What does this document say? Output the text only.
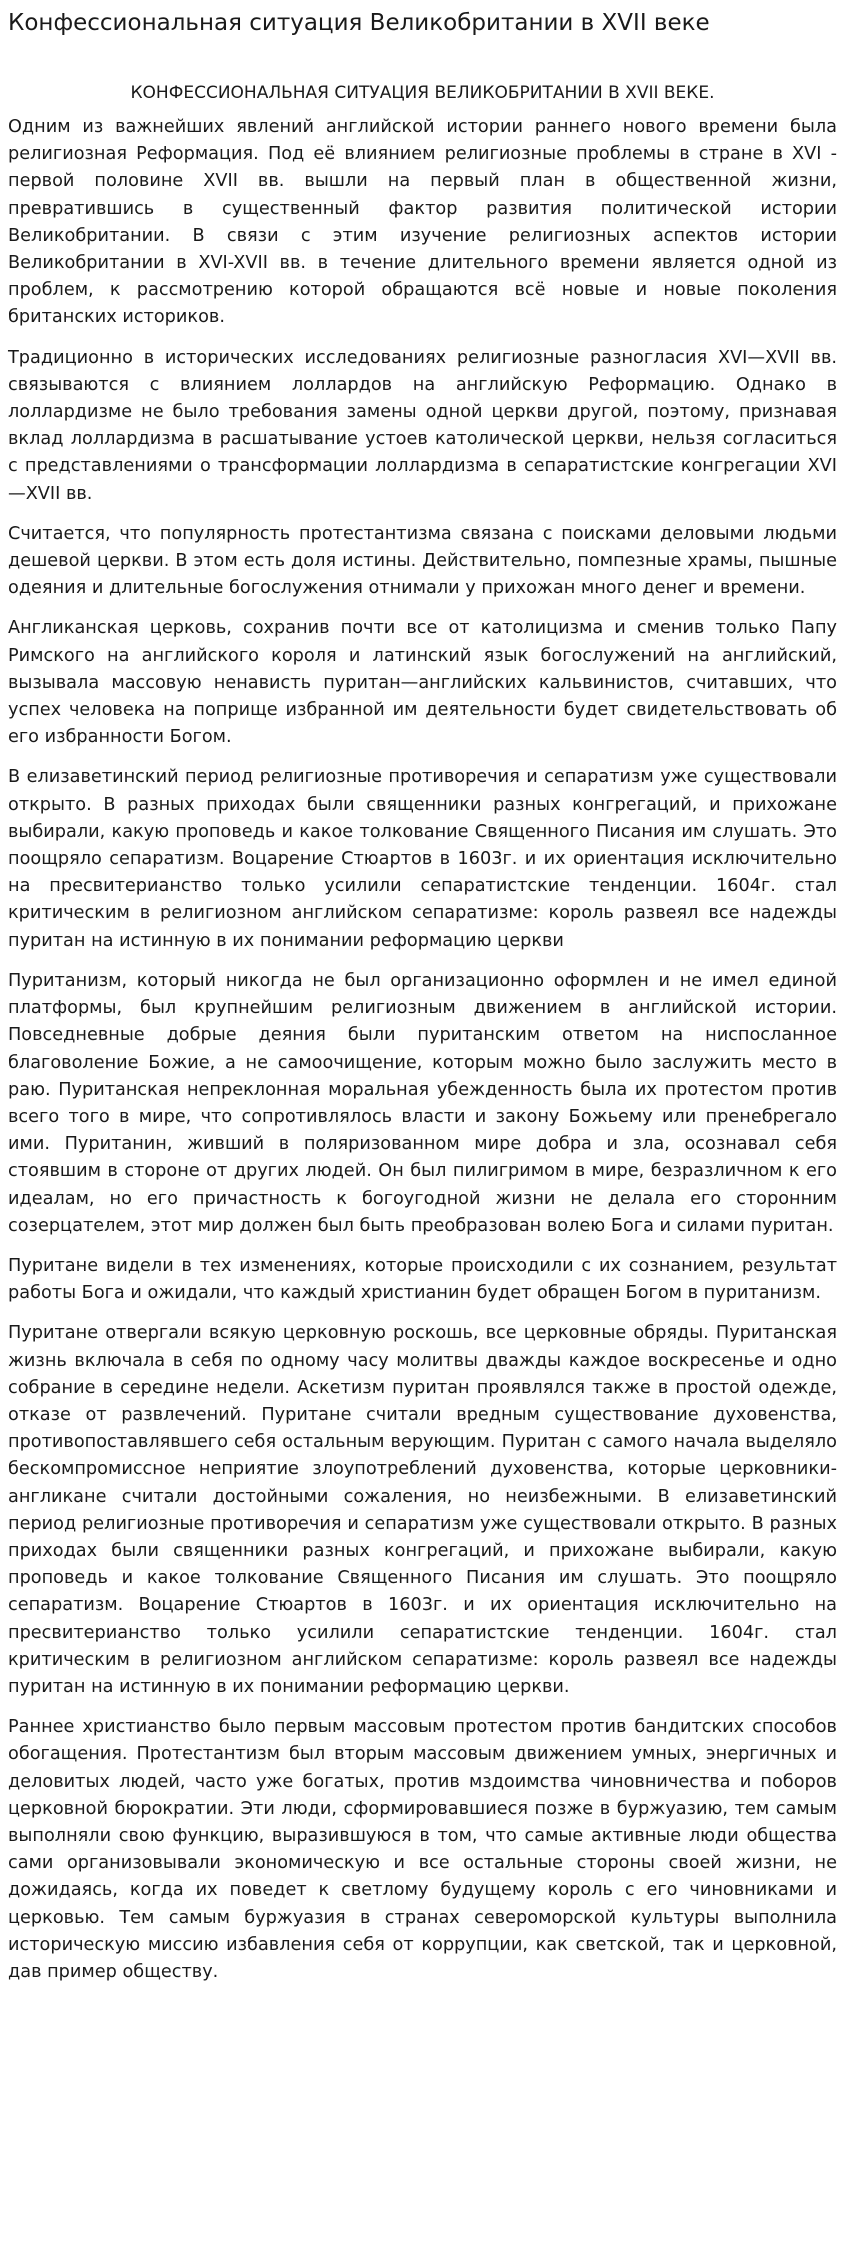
Конфессиональная ситуация Великобритании в XVII веке

КОНФЕССИОНАЛЬНАЯ СИТУАЦИЯ ВЕЛИКОБРИТАНИИ В XVII ВЕКЕ.

Одним из важнейших явлений английской истории раннего нового времени была религиозная Реформация. Под её влиянием религиозные проблемы в стране в XVI - первой половине XVII вв. вышли на первый план в общественной жизни, превратившись в существенный фактор развития политической истории Великобритании. В связи с этим изучение религиозных аспектов истории Великобритании в XVI-XVII вв. в течение длительного времени является одной из проблем, к рассмотрению которой обращаются всё новые и новые поколения британских историков.

Традиционно в исторических исследованиях религиозные разногласия XVI—XVII вв. связываются с влиянием лоллардов на английскую Реформацию. Однако в лоллардизме не было требования замены одной церкви другой, поэтому, признавая вклад лоллардизма в расшатывание устоев католической церкви, нельзя согласиться с представлениями о трансформации лоллардизма в сепаратистские конгрегации XVI—XVII вв.

Считается, что популярность протестантизма связана с поисками деловыми людьми дешевой церкви. В этом есть доля истины. Действительно, помпезные храмы, пышные одеяния и длительные богослужения отнимали у прихожан много денег и времени.

Англиканская церковь, сохранив почти все от католицизма и сменив только Папу Римского на английского короля и латинский язык богослужений на английский, вызывала массовую ненависть пуритан—английских кальвинистов, считавших, что успех человека на поприще избранной им деятельности будет свидетельствовать об его избранности Богом.

В елизаветинский период религиозные противоречия и сепаратизм уже существовали открыто. В разных приходах были священники разных конгрегаций, и прихожане выбирали, какую проповедь и какое толкование Священного Писания им слушать. Это поощряло сепаратизм. Воцарение Стюартов в 1603г. и их ориентация исключительно на пресвитерианство только усилили сепаратистские тенденции. 1604г. стал критическим в религиозном английском сепаратизме: король развеял все надежды пуритан на истинную в их понимании реформацию церкви

Пуританизм, который никогда не был организационно оформлен и не имел единой платформы, был крупнейшим религиозным движением в английской истории. Повседневные добрые деяния были пуританским ответом на ниспосланное благоволение Божие, а не самоочищение, которым можно было заслужить место в раю. Пуританская непреклонная моральная убежденность была их протестом против всего того в мире, что сопротивлялось власти и закону Божьему или пренебрегало ими. Пуританин, живший в поляризованном мире добра и зла, осознавал себя стоявшим в стороне от других людей. Он был пилигримом в мире, безразличном к его идеалам, но его причастность к богоугодной жизни не делала его сторонним созерцателем, этот мир должен был быть преобразован волею Бога и силами пуритан.

Пуритане видели в тех изменениях, которые происходили с их сознанием, результат работы Бога и ожидали, что каждый христианин будет обращен Богом в пуританизм.

Пуритане отвергали всякую церковную роскошь, все церковные обряды. Пуританская жизнь включала в себя по одному часу молитвы дважды каждое воскресенье и одно собрание в середине недели. Аскетизм пуритан проявлялся также в простой одежде, отказе от развлечений. Пуритане считали вредным существование духовенства, противопоставлявшего себя остальным верующим. Пуритан с самого начала выделяло бескомпромиссное неприятие злоупотреблений духовенства, которые церковники-англикане считали достойными сожаления, но неизбежными. В елизаветинский период религиозные противоречия и сепаратизм уже существовали открыто. В разных приходах были священники разных конгрегаций, и прихожане выбирали, какую проповедь и какое толкование Священного Писания им слушать. Это поощряло сепаратизм. Воцарение Стюартов в 1603г. и их ориентация исключительно на пресвитерианство только усилили сепаратистские тенденции. 1604г. стал критическим в религиозном английском сепаратизме: король развеял все надежды пуритан на истинную в их понимании реформацию церкви.

Раннее христианство было первым массовым протестом против бандитских способов обогащения. Протестантизм был вторым массовым движением умных, энергичных и деловитых людей, часто уже богатых, против мздоимства чиновничества и поборов церковной бюрократии. Эти люди, сформировавшиеся позже в буржуазию, тем самым выполняли свою функцию, выразившуюся в том, что самые активные люди общества сами организовывали экономическую и все остальные стороны своей жизни, не дожидаясь, когда их поведет к светлому будущему король с его чиновниками и церковью. Тем самым буржуазия в странах североморской культуры выполнила историческую миссию избавления себя от коррупции, как светской, так и церковной, дав пример обществу.
